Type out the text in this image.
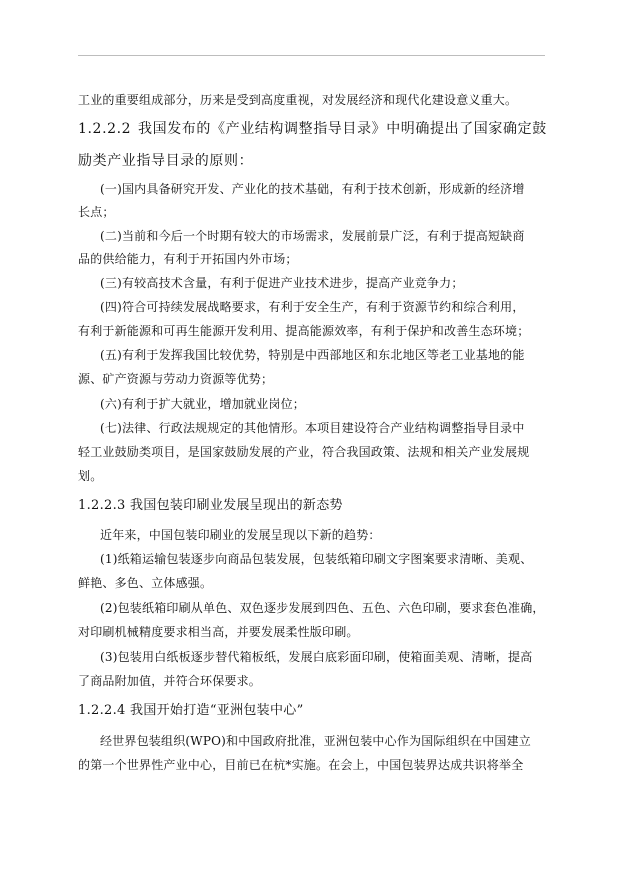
工业的重要组成部分，历来是受到高度重视，对发展经济和现代化建设意义重大。
1.2.2.2 我国发布的《产业结构调整指导目录》中明确提出了国家确定鼓
励类产业指导目录的原则：
(一)国内具备研究开发、产业化的技术基础，有利于技术创新，形成新的经济增
长点；
(二)当前和今后一个时期有较大的市场需求，发展前景广泛，有利于提高短缺商
品的供给能力，有利于开拓国内外市场；
(三)有较高技术含量，有利于促进产业技术进步，提高产业竞争力；
(四)符合可持续发展战略要求，有利于安全生产，有利于资源节约和综合利用，
有利于新能源和可再生能源开发利用、提高能源效率，有利于保护和改善生态环境；
(五)有利于发挥我国比较优势，特别是中西部地区和东北地区等老工业基地的能
源、矿产资源与劳动力资源等优势；
(六)有利于扩大就业，增加就业岗位；
(七)法律、行政法规规定的其他情形。本项目建设符合产业结构调整指导目录中
轻工业鼓励类项目，是国家鼓励发展的产业，符合我国政策、法规和相关产业发展规
划。
1.2.2.3 我国包装印刷业发展呈现出的新态势
近年来，中国包装印刷业的发展呈现以下新的趋势：
(1)纸箱运输包装逐步向商品包装发展，包装纸箱印刷文字图案要求清晰、美观、
鲜艳、多色、立体感强。
(2)包装纸箱印刷从单色、双色逐步发展到四色、五色、六色印刷，要求套色准确，
对印刷机械精度要求相当高，并要发展柔性版印刷。
(3)包装用白纸板逐步替代箱板纸，发展白底彩面印刷，使箱面美观、清晰，提高
了商品附加值，并符合环保要求。
1.2.2.4 我国开始打造“亚洲包装中心”
经世界包装组织(WPO)和中国政府批准，亚洲包装中心作为国际组织在中国建立
的第一个世界性产业中心，目前已在杭*实施。在会上，中国包装界达成共识将举全
